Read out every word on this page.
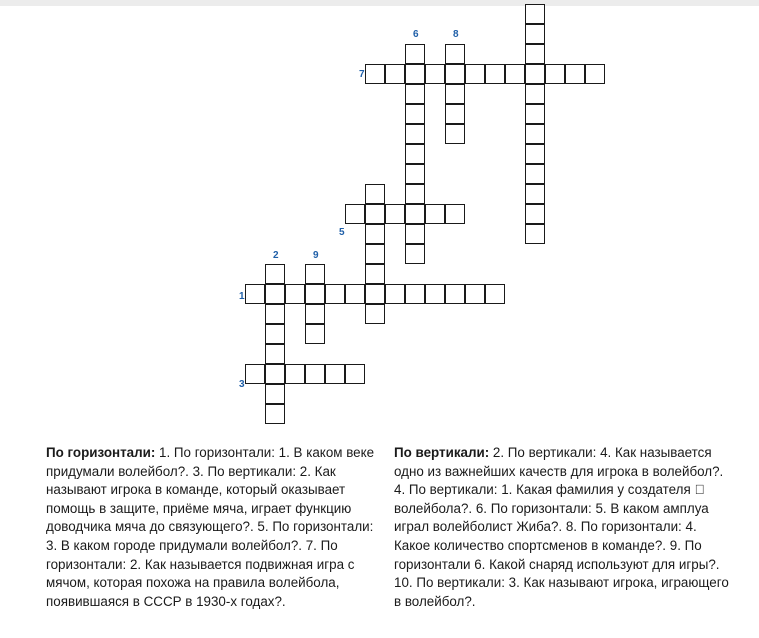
6	8
7
5
2	9
1
3
По горизонтали: 1. По горизонтали: 1. В каком веке придумали волейбол?. 3. По вертикали: 2. Как называют игрока в команде, который оказывает помощь в защите, приёме мяча, играет функцию доводчика мяча до связующего?. 5. По горизонтали: 3. В каком городе придумали волейбол?. 7. По горизонтали: 2. Как называется подвижная игра с мячом, которая похожа на правила волейбола, появившаяся в СССР в 1930-х годах?.
По вертикали: 2. По вертикали: 4. Как называется одно из важнейших качеств для игрока в волейбол?. 4. По вертикали: 1. Какая фамилия у создателя   волейбола?. 6. По горизонтали: 5. В каком амплуа играл волейболист Жиба?. 8. По горизонтали: 4. Какое количество спортсменов в команде?. 9. По горизонтали 6. Какой снаряд используют для игры?. 10. По вертикали: 3. Как называют игрока, играющего в волейбол?.
